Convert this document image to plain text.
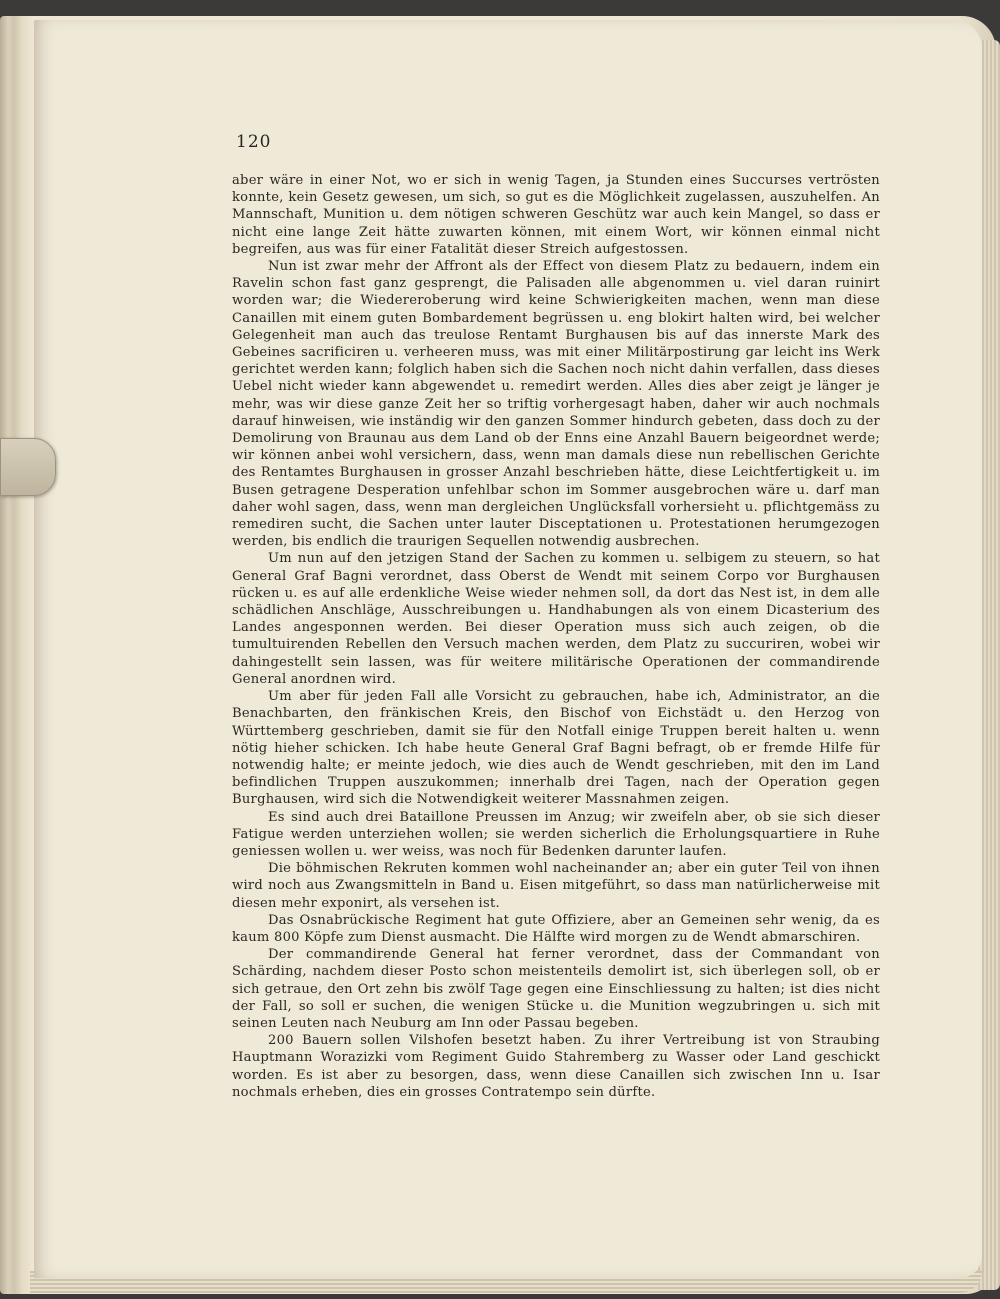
120

aber wäre in einer Not, wo er sich in wenig Tagen, ja Stunden eines Succurses vertrösten konnte, kein Gesetz gewesen, um sich, so gut es die Möglichkeit zugelassen, auszuhelfen. An Mannschaft, Munition u. dem nötigen schweren Geschütz war auch kein Mangel, so dass er nicht eine lange Zeit hätte zuwarten können, mit einem Wort, wir können einmal nicht begreifen, aus was für einer Fatalität dieser Streich aufgestossen.

Nun ist zwar mehr der Affront als der Effect von diesem Platz zu bedauern, indem ein Ravelin schon fast ganz gesprengt, die Palisaden alle abgenommen u. viel daran ruinirt worden war; die Wiedereroberung wird keine Schwierigkeiten machen, wenn man diese Canaillen mit einem guten Bombardement begrüssen u. eng blokirt halten wird, bei welcher Gelegenheit man auch das treulose Rentamt Burghausen bis auf das innerste Mark des Gebeines sacrificiren u. verheeren muss, was mit einer Militärpostirung gar leicht ins Werk gerichtet werden kann; folglich haben sich die Sachen noch nicht dahin verfallen, dass dieses Uebel nicht wieder kann abgewendet u. remedirt werden. Alles dies aber zeigt je länger je mehr, was wir diese ganze Zeit her so triftig vorhergesagt haben, daher wir auch nochmals darauf hinweisen, wie inständig wir den ganzen Sommer hindurch gebeten, dass doch zu der Demolirung von Braunau aus dem Land ob der Enns eine Anzahl Bauern beigeordnet werde; wir können anbei wohl versichern, dass, wenn man damals diese nun rebellischen Gerichte des Rentamtes Burghausen in grosser Anzahl beschrieben hätte, diese Leichtfertigkeit u. im Busen getragene Desperation unfehlbar schon im Sommer ausgebrochen wäre u. darf man daher wohl sagen, dass, wenn man dergleichen Unglücksfall vorhersieht u. pflichtgemäss zu remediren sucht, die Sachen unter lauter Disceptationen u. Protestationen herumgezogen werden, bis endlich die traurigen Sequellen notwendig ausbrechen.

Um nun auf den jetzigen Stand der Sachen zu kommen u. selbigem zu steuern, so hat General Graf Bagni verordnet, dass Oberst de Wendt mit seinem Corpo vor Burghausen rücken u. es auf alle erdenkliche Weise wieder nehmen soll, da dort das Nest ist, in dem alle schädlichen Anschläge, Ausschreibungen u. Handhabungen als von einem Dicasterium des Landes angesponnen werden. Bei dieser Operation muss sich auch zeigen, ob die tumultuirenden Rebellen den Versuch machen werden, dem Platz zu succuriren, wobei wir dahingestellt sein lassen, was für weitere militärische Operationen der commandirende General anordnen wird.

Um aber für jeden Fall alle Vorsicht zu gebrauchen, habe ich, Administrator, an die Benachbarten, den fränkischen Kreis, den Bischof von Eichstädt u. den Herzog von Württemberg geschrieben, damit sie für den Notfall einige Truppen bereit halten u. wenn nötig hieher schicken. Ich habe heute General Graf Bagni befragt, ob er fremde Hilfe für notwendig halte; er meinte jedoch, wie dies auch de Wendt geschrieben, mit den im Land befindlichen Truppen auszukommen; innerhalb drei Tagen, nach der Operation gegen Burghausen, wird sich die Notwendigkeit weiterer Massnahmen zeigen.

Es sind auch drei Bataillone Preussen im Anzug; wir zweifeln aber, ob sie sich dieser Fatigue werden unterziehen wollen; sie werden sicherlich die Erholungsquartiere in Ruhe geniessen wollen u. wer weiss, was noch für Bedenken darunter laufen.

Die böhmischen Rekruten kommen wohl nacheinander an; aber ein guter Teil von ihnen wird noch aus Zwangsmitteln in Band u. Eisen mitgeführt, so dass man natürlicherweise mit diesen mehr exponirt, als versehen ist.

Das Osnabrückische Regiment hat gute Offiziere, aber an Gemeinen sehr wenig, da es kaum 800 Köpfe zum Dienst ausmacht. Die Hälfte wird morgen zu de Wendt abmarschiren.

Der commandirende General hat ferner verordnet, dass der Commandant von Schärding, nachdem dieser Posto schon meistenteils demolirt ist, sich überlegen soll, ob er sich getraue, den Ort zehn bis zwölf Tage gegen eine Einschliessung zu halten; ist dies nicht der Fall, so soll er suchen, die wenigen Stücke u. die Munition wegzubringen u. sich mit seinen Leuten nach Neuburg am Inn oder Passau begeben.

200 Bauern sollen Vilshofen besetzt haben. Zu ihrer Vertreibung ist von Straubing Hauptmann Worazizki vom Regiment Guido Stahremberg zu Wasser oder Land geschickt worden. Es ist aber zu besorgen, dass, wenn diese Canaillen sich zwischen Inn u. Isar nochmals erheben, dies ein grosses Contratempo sein dürfte.
